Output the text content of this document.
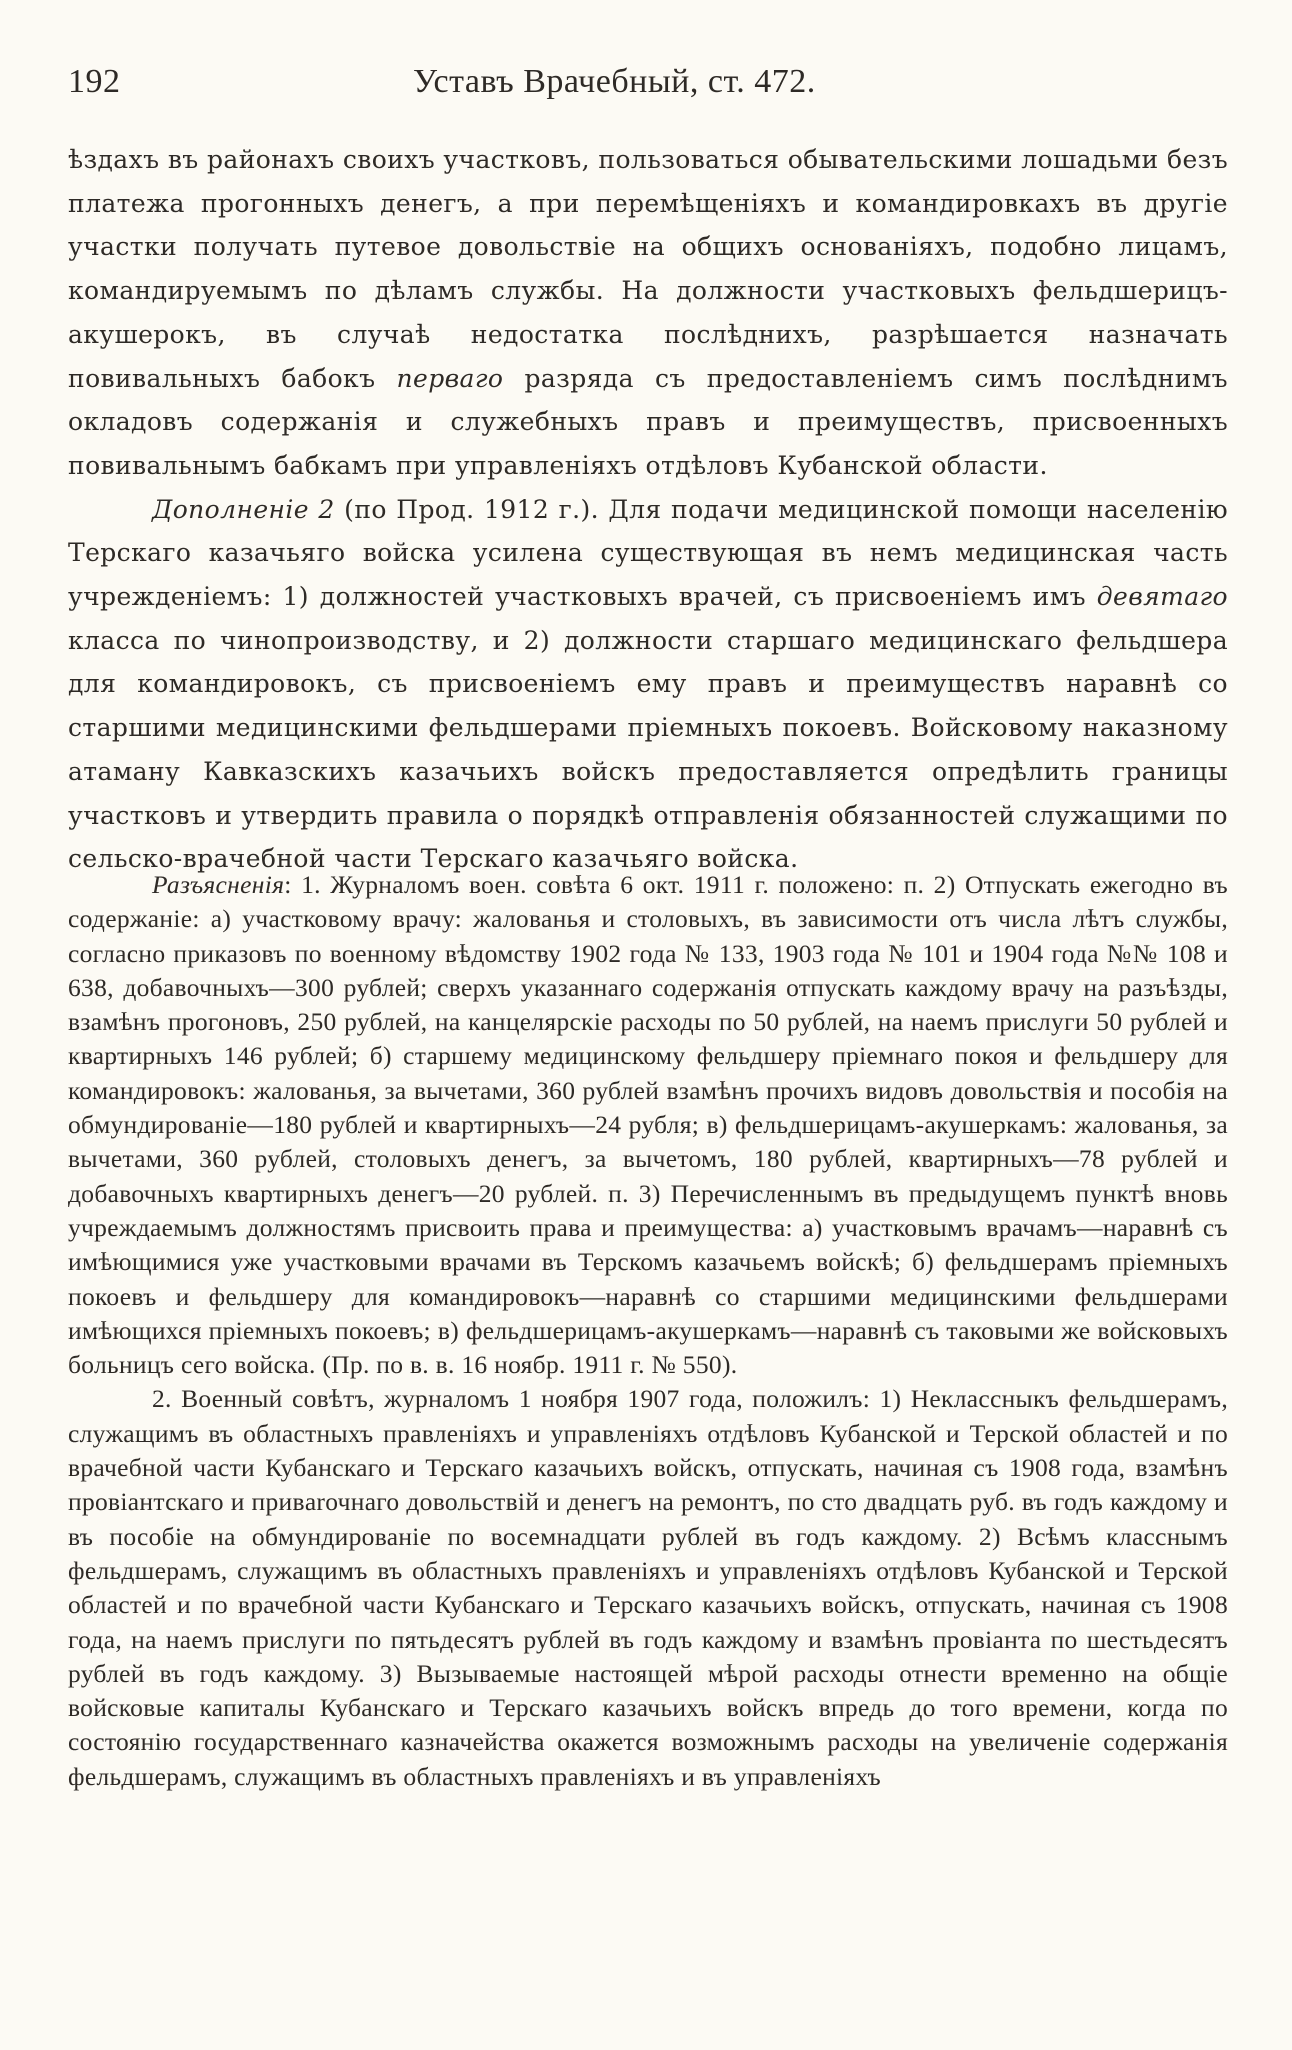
192	Уставъ Врачебный, ст. 472.

ѣздахъ въ районахъ своихъ участковъ, пользоваться обывательскими лошадьми безъ платежа прогонныхъ денегъ, а при перемѣщеніяхъ и командировкахъ въ другіе участки получать путевое довольствіе на общихъ основаніяхъ, подобно лицамъ, командируемымъ по дѣламъ службы. На должности участковыхъ фельдшерицъ-акушерокъ, въ случаѣ недостатка послѣднихъ, разрѣшается назначать повивальныхъ бабокъ перваго разряда съ предоставленіемъ симъ послѣднимъ окладовъ содержанія и служебныхъ правъ и преимуществъ, присвоенныхъ повивальнымъ бабкамъ при управленіяхъ отдѣловъ Кубанской области.

Дополненіе 2 (по Прод. 1912 г.). Для подачи медицинской помощи населенію Терскаго казачьяго войска усилена существующая въ немъ медицинская часть учрежденіемъ: 1) должностей участковыхъ врачей, съ присвоеніемъ имъ девятаго класса по чинопроизводству, и 2) должности старшаго медицинскаго фельдшера для командировокъ, съ присвоеніемъ ему правъ и преимуществъ наравнѣ со старшими медицинскими фельдшерами пріемныхъ покоевъ. Войсковому наказному атаману Кавказскихъ казачьихъ войскъ предоставляется опредѣлить границы участковъ и утвердить правила о порядкѣ отправленія обязанностей служащими по сельско-врачебной части Терскаго казачьяго войска.

Разъясненія: 1. Журналомъ воен. совѣта 6 окт. 1911 г. положено: п. 2) Отпускать ежегодно въ содержаніе: а) участковому врачу: жалованья и столовыхъ, въ зависимости отъ числа лѣтъ службы, согласно приказовъ по военному вѣдомству 1902 года № 133, 1903 года № 101 и 1904 года №№ 108 и 638, добавочныхъ—300 рублей; сверхъ указаннаго содержанія отпускать каждому врачу на разъѣзды, взамѣнъ прогоновъ, 250 рублей, на канцелярскіе расходы по 50 рублей, на наемъ прислуги 50 рублей и квартирныхъ 146 рублей; б) старшему медицинскому фельдшеру пріемнаго покоя и фельдшеру для командировокъ: жалованья, за вычетами, 360 рублей взамѣнъ прочихъ видовъ довольствія и пособія на обмундированіе—180 рублей и квартирныхъ—24 рубля; в) фельдшерицамъ-акушеркамъ: жалованья, за вычетами, 360 рублей, столовыхъ денегъ, за вычетомъ, 180 рублей, квартирныхъ—78 рублей и добавочныхъ квартирныхъ денегъ—20 рублей. п. 3) Перечисленнымъ въ предыдущемъ пунктѣ вновь учреждаемымъ должностямъ присвоить права и преимущества: а) участковымъ врачамъ—наравнѣ съ имѣющимися уже участковыми врачами въ Терскомъ казачьемъ войскѣ; б) фельдшерамъ пріемныхъ покоевъ и фельдшеру для командировокъ—наравнѣ со старшими медицинскими фельдшерами имѣющихся пріемныхъ покоевъ; в) фельдшерицамъ-акушеркамъ—наравнѣ съ таковыми же войсковыхъ больницъ сего войска. (Пр. по в. в. 16 ноябр. 1911 г. № 550).

2. Военный совѣтъ, журналомъ 1 ноября 1907 года, положилъ: 1) Неклассныкъ фельдшерамъ, служащимъ въ областныхъ правленіяхъ и управленіяхъ отдѣловъ Кубанской и Терской областей и по врачебной части Кубанскаго и Терскаго казачьихъ войскъ, отпускать, начиная съ 1908 года, взамѣнъ провіантскаго и привarочнаго довольствій и денегъ на ремонтъ, по сто двадцать руб. въ годъ каждому и въ пособіе на обмундированіе по восемнадцати рублей въ годъ каждому. 2) Всѣмъ класснымъ фельдшерамъ, служащимъ въ областныхъ правленіяхъ и управленіяхъ отдѣловъ Кубанской и Терской областей и по врачебной части Кубанскаго и Терскаго казачьихъ войскъ, отпускать, начиная съ 1908 года, на наемъ прислуги по пятьдесятъ рублей въ годъ каждому и взамѣнъ провіанта по шестьдесятъ рублей въ годъ каждому. 3) Вызываемые настоящей мѣрой расходы отнести временно на общіе войсковые капиталы Кубанскаго и Терскаго казачьихъ войскъ впредь до того времени, когда по состоянію государственнаго казначейства окажется возможнымъ расходы на увеличеніе содержанія фельдшерамъ, служащимъ въ областныхъ правленіяхъ и въ управленіяхъ
